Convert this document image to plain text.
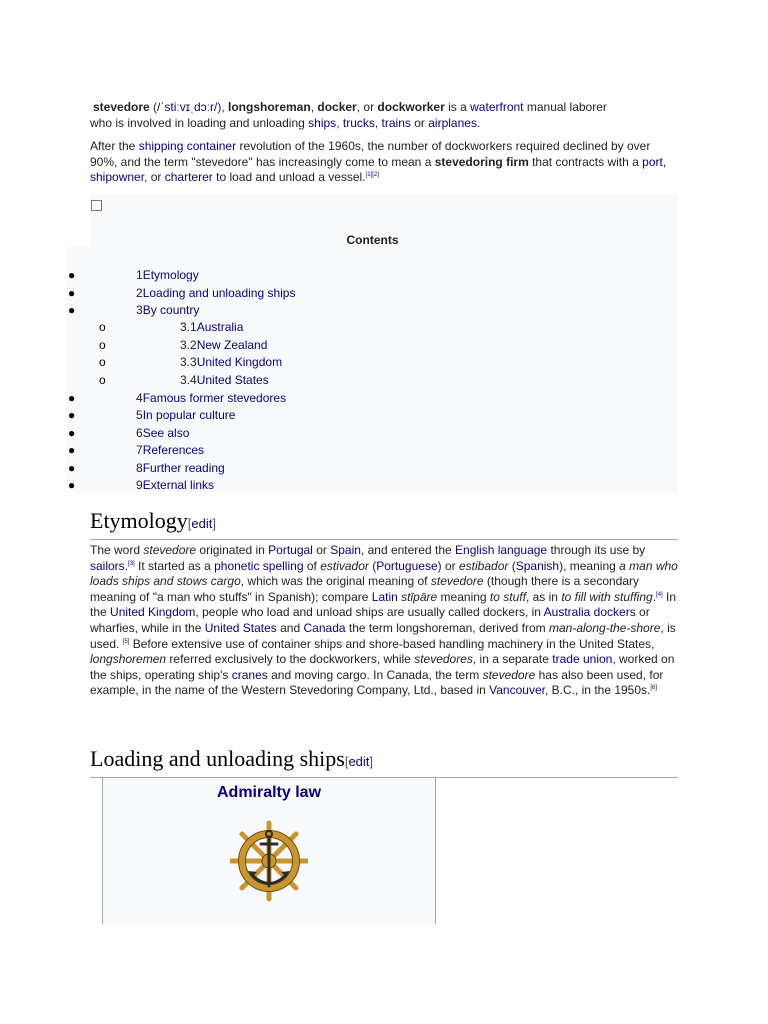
stevedore (/ˈstiːvɪˌdɔːr/), longshoreman, docker, or dockworker is a waterfront manual laborer
who is involved in loading and unloading ships, trucks, trains or airplanes.

After the shipping container revolution of the 1960s, the number of dockworkers required declined by over 90%, and the term "stevedore" has increasingly come to mean a stevedoring firm that contracts with a port, shipowner, or charterer to load and unload a vessel.[1][2]

Contents
●	1Etymology
●	2Loading and unloading ships
●	3By country
o	3.1Australia
o	3.2New Zealand
o	3.3United Kingdom
o	3.4United States
●	4Famous former stevedores
●	5In popular culture
●	6See also
●	7References
●	8Further reading
●	9External links
Etymology[edit]

The word stevedore originated in Portugal or Spain, and entered the English language through its use by sailors.[3] It started as a phonetic spelling of estivador (Portuguese) or estibador (Spanish), meaning a man who loads ships and stows cargo, which was the original meaning of stevedore (though there is a secondary meaning of "a man who stuffs" in Spanish); compare Latin stīpāre meaning to stuff, as in to fill with stuffing.[4] In the United Kingdom, people who load and unload ships are usually called dockers, in Australia dockers or wharfies, while in the United States and Canada the term longshoreman, derived from man-along-the-shore, is used. [5] Before extensive use of container ships and shore-based handling machinery in the United States, longshoremen referred exclusively to the dockworkers, while stevedores, in a separate trade union, worked on the ships, operating ship's cranes and moving cargo. In Canada, the term stevedore has also been used, for example, in the name of the Western Stevedoring Company, Ltd., based in Vancouver, B.C., in the 1950s.[6]

Loading and unloading ships[edit]
Admiralty law
